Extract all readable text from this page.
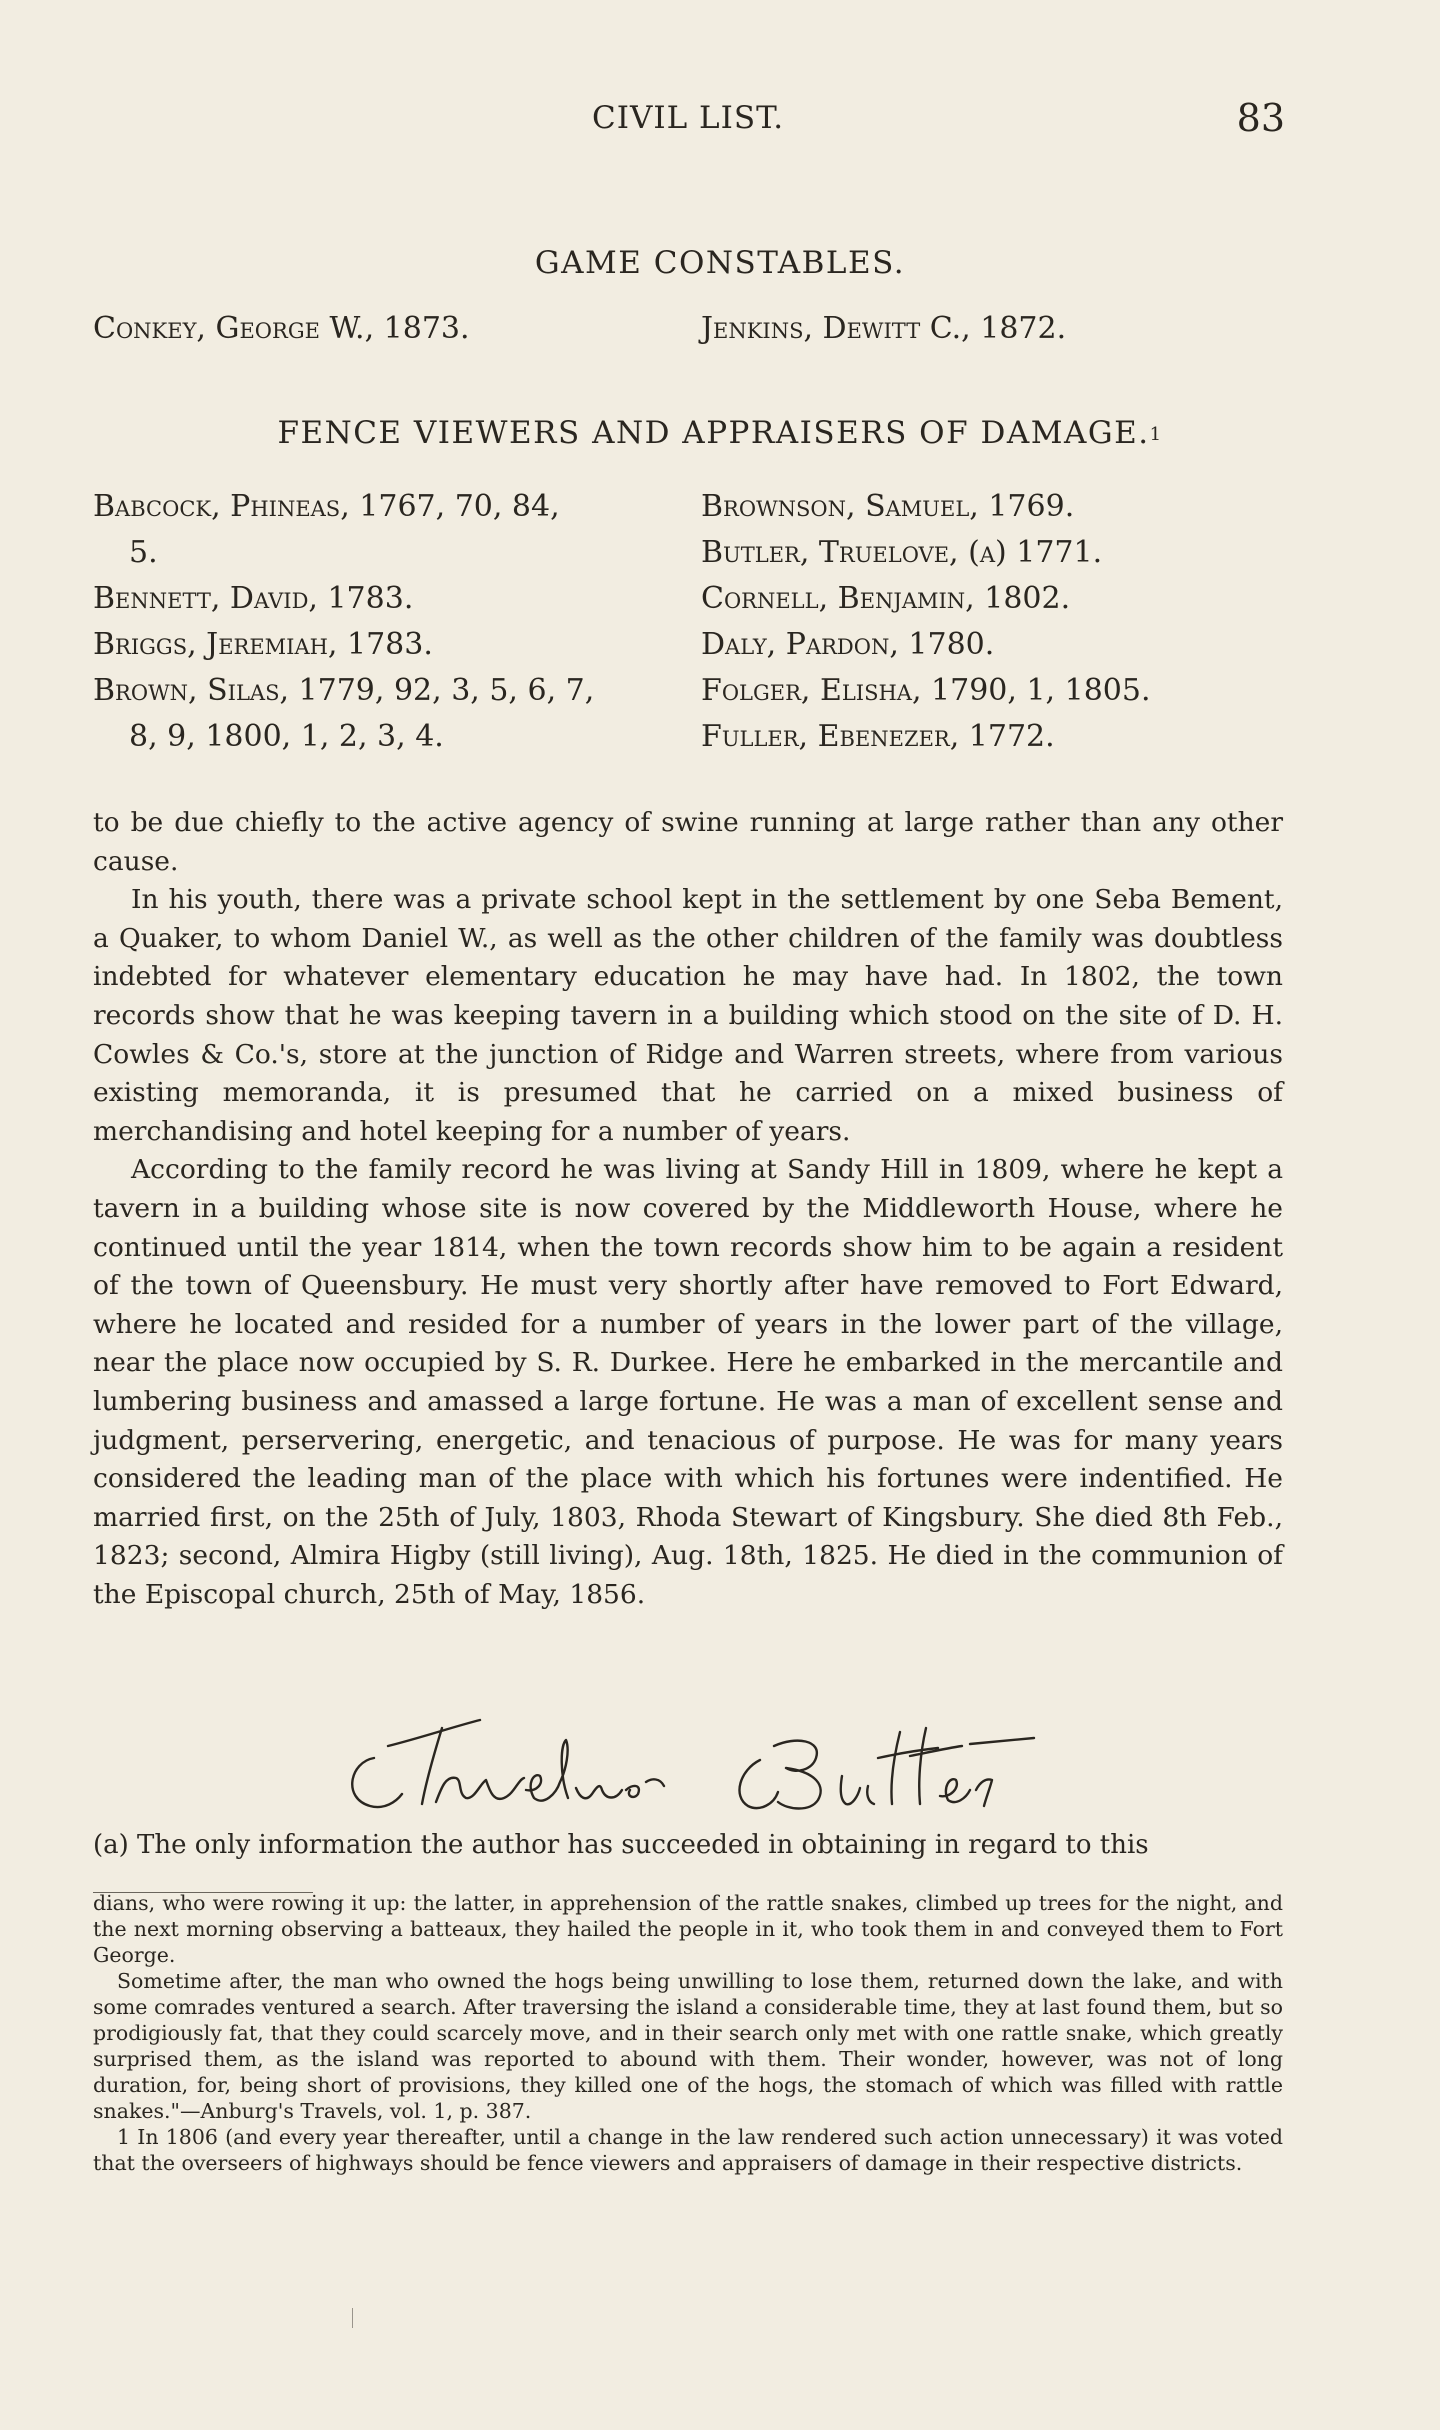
CIVIL LIST.	83
GAME CONSTABLES.
Conkey, George W., 1873.	Jenkins, Dewitt C., 1872.
FENCE VIEWERS AND APPRAISERS OF DAMAGE.1
Babcock, Phineas, 1767, 70, 84,
5.
Bennett, David, 1783.
Briggs, Jeremiah, 1783.
Brown, Silas, 1779, 92, 3, 5, 6, 7,
8, 9, 1800, 1, 2, 3, 4.
Brownson, Samuel, 1769.
Butler, Truelove, (a) 1771.
Cornell, Benjamin, 1802.
Daly, Pardon, 1780.
Folger, Elisha, 1790, 1, 1805.
Fuller, Ebenezer, 1772.

to be due chiefly to the active agency of swine running at large rather than any other cause.

In his youth, there was a private school kept in the settlement by one Seba Bement, a Quaker, to whom Daniel W., as well as the other children of the family was doubtless indebted for whatever elementary education he may have had. In 1802, the town records show that he was keeping tavern in a building which stood on the site of D. H. Cowles & Co.'s, store at the junction of Ridge and Warren streets, where from various existing memoranda, it is presumed that he carried on a mixed business of merchandising and hotel keeping for a number of years.

According to the family record he was living at Sandy Hill in 1809, where he kept a tavern in a building whose site is now covered by the Middleworth House, where he continued until the year 1814, when the town records show him to be again a resident of the town of Queensbury. He must very shortly after have removed to Fort Edward, where he located and resided for a number of years in the lower part of the village, near the place now occupied by S. R. Durkee. Here he embarked in the mercantile and lumbering business and amassed a large fortune. He was a man of excellent sense and judgment, perservering, energetic, and tenacious of purpose. He was for many years considered the leading man of the place with which his fortunes were indentified. He married first, on the 25th of July, 1803, Rhoda Stewart of Kingsbury. She died 8th Feb., 1823; second, Almira Higby (still living), Aug. 18th, 1825. He died in the communion of the Episcopal church, 25th of May, 1856.

(a) The only information the author has succeeded in obtaining in regard to this

dians, who were rowing it up: the latter, in apprehension of the rattle snakes, climbed up trees for the night, and the next morning observing a batteaux, they hailed the people in it, who took them in and conveyed them to Fort George.

Sometime after, the man who owned the hogs being unwilling to lose them, returned down the lake, and with some comrades ventured a search. After traversing the island a considerable time, they at last found them, but so prodigiously fat, that they could scarcely move, and in their search only met with one rattle snake, which greatly surprised them, as the island was reported to abound with them. Their wonder, however, was not of long duration, for, being short of provisions, they killed one of the hogs, the stomach of which was filled with rattle snakes."—Anburg's Travels, vol. 1, p. 387.

1 In 1806 (and every year thereafter, until a change in the law rendered such action unnecessary) it was voted that the overseers of highways should be fence viewers and appraisers of damage in their respective districts.
